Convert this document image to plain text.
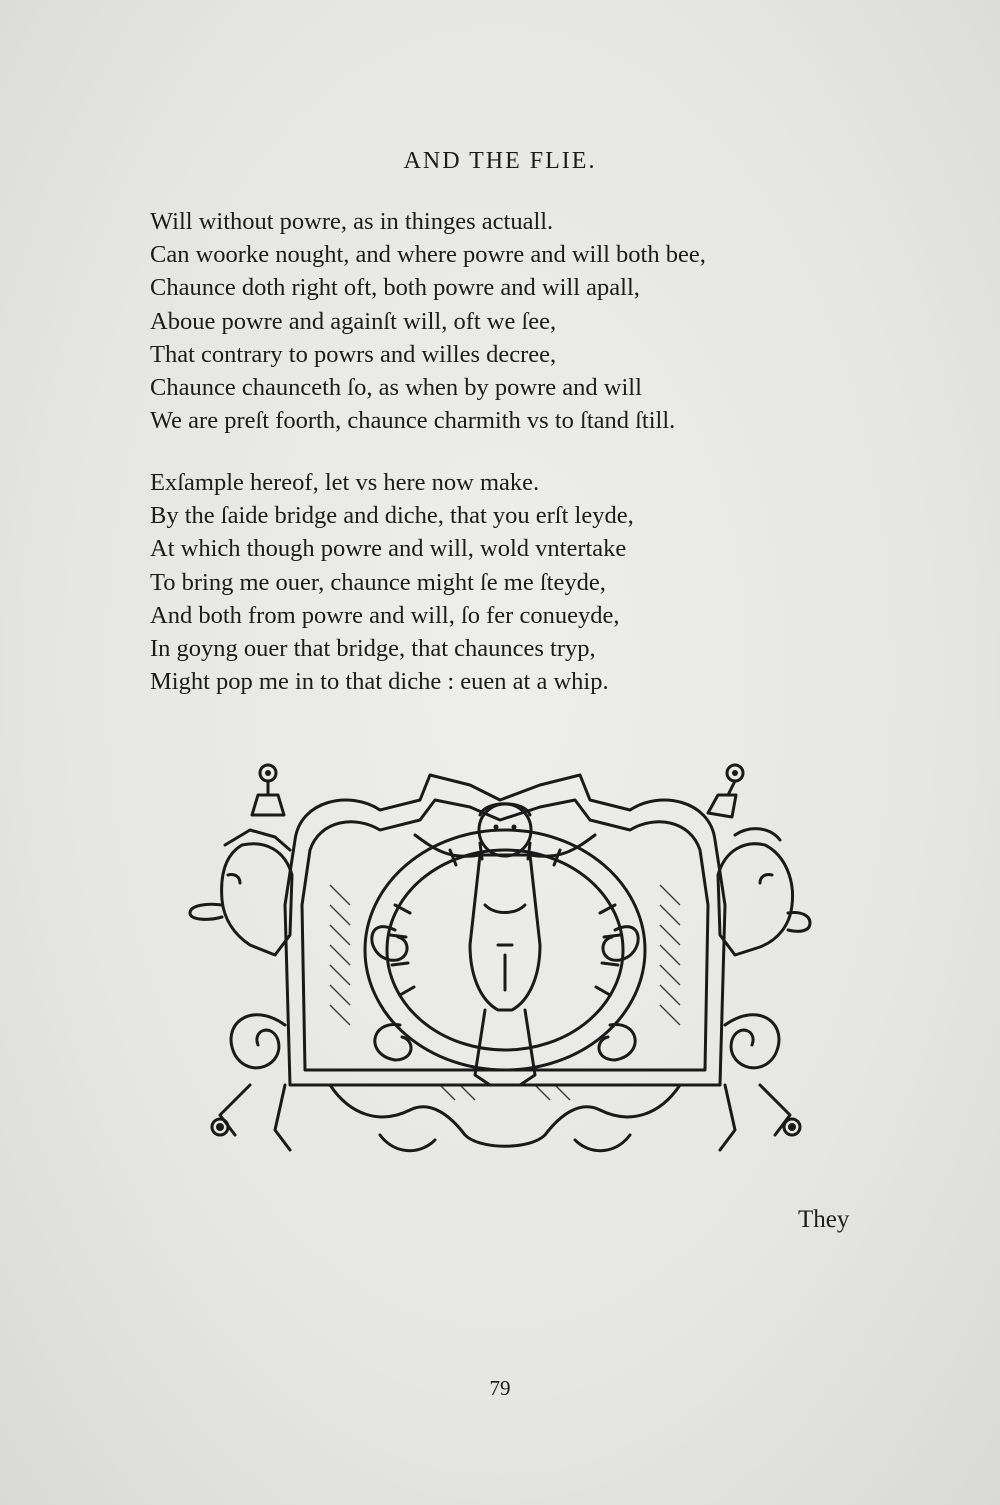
AND THE FLIE.
Will without powre, as in thinges actuall.
Can woorke nought, and where powre and will both bee,
Chaunce doth right oft, both powre and will apall,
Aboue powre and againſt will, oft we ſee,
That contrary to powrs and willes decree,
Chaunce chaunceth ſo, as when by powre and will
We are preſt foorth, chaunce charmith vs to ſtand ſtill.
Exſample hereof, let vs here now make.
By the ſaide bridge and diche, that you erſt leyde,
At which though powre and will, wold vntertake
To bring me ouer, chaunce might ſe me ſteyde,
And both from powre and will, ſo fer conueyde,
In goyng ouer that bridge, that chaunces tryp,
Might pop me in to that diche : euen at a whip.
They
79
